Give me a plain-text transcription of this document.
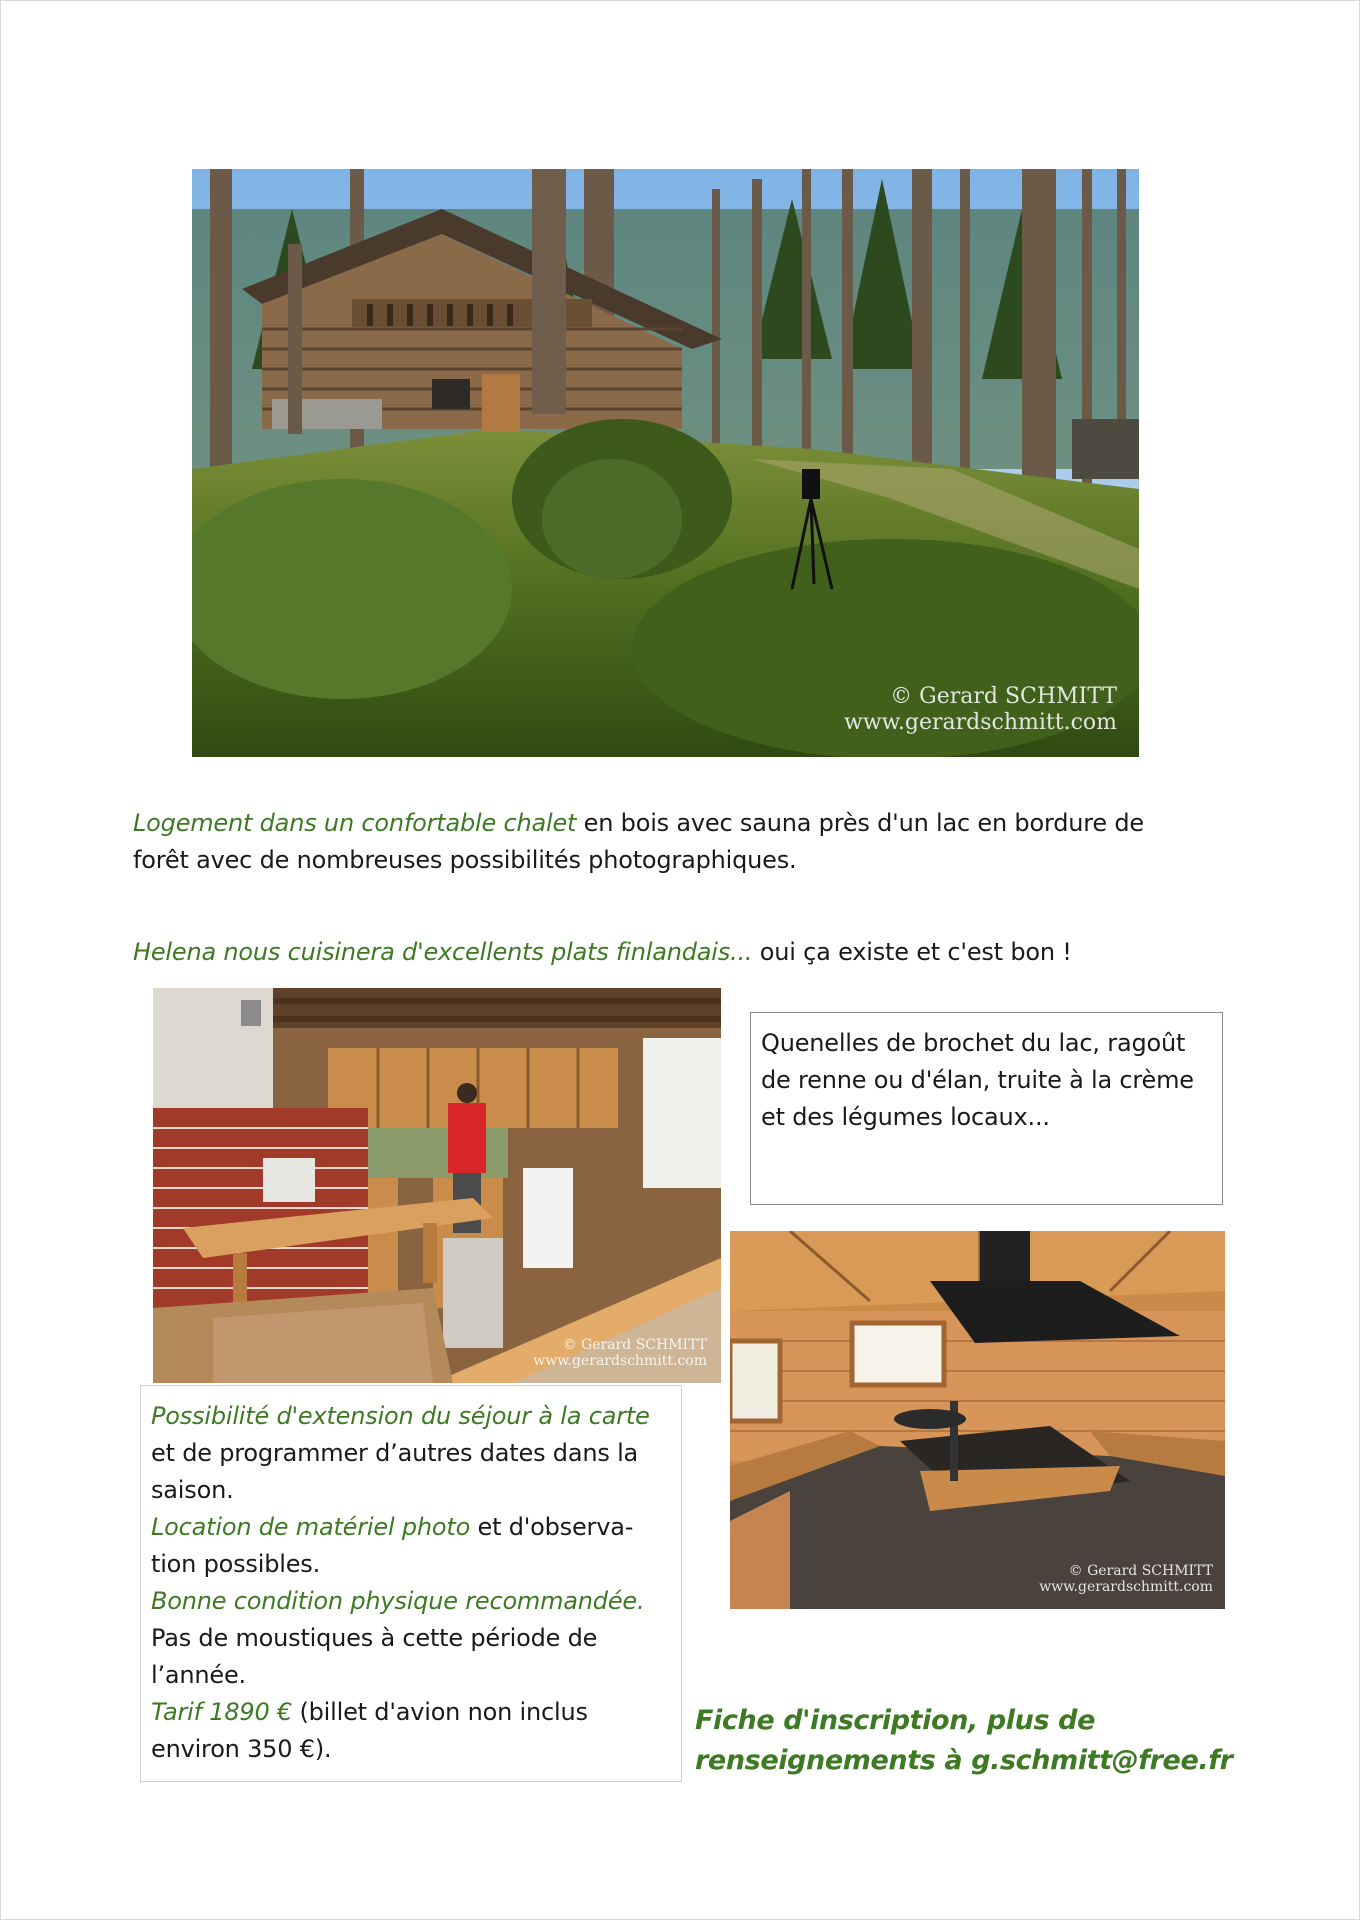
© Gerard SCHMITT
www.gerardschmitt.com
Logement dans un confortable chalet en bois avec sauna près d'un lac en bordure de
forêt avec de nombreuses possibilités photographiques.
Helena nous cuisinera d'excellents plats finlandais... oui ça existe et c'est bon !
© Gerard SCHMITT
www.gerardschmitt.com
Quenelles de brochet du lac, ragoût
de renne ou d'élan, truite à la crème
et des légumes locaux...
Possibilité d'extension du séjour à la carte
et de programmer d’autres dates dans la
saison.
Location de matériel photo et d'observa-
tion possibles.
Bonne condition physique recommandée.
Pas de moustiques à cette période de
l’année.
Tarif 1890 € (billet d'avion non inclus
environ 350 €).
© Gerard SCHMITT
www.gerardschmitt.com
Fiche d'inscription, plus de
renseignements à g.schmitt@free.fr
